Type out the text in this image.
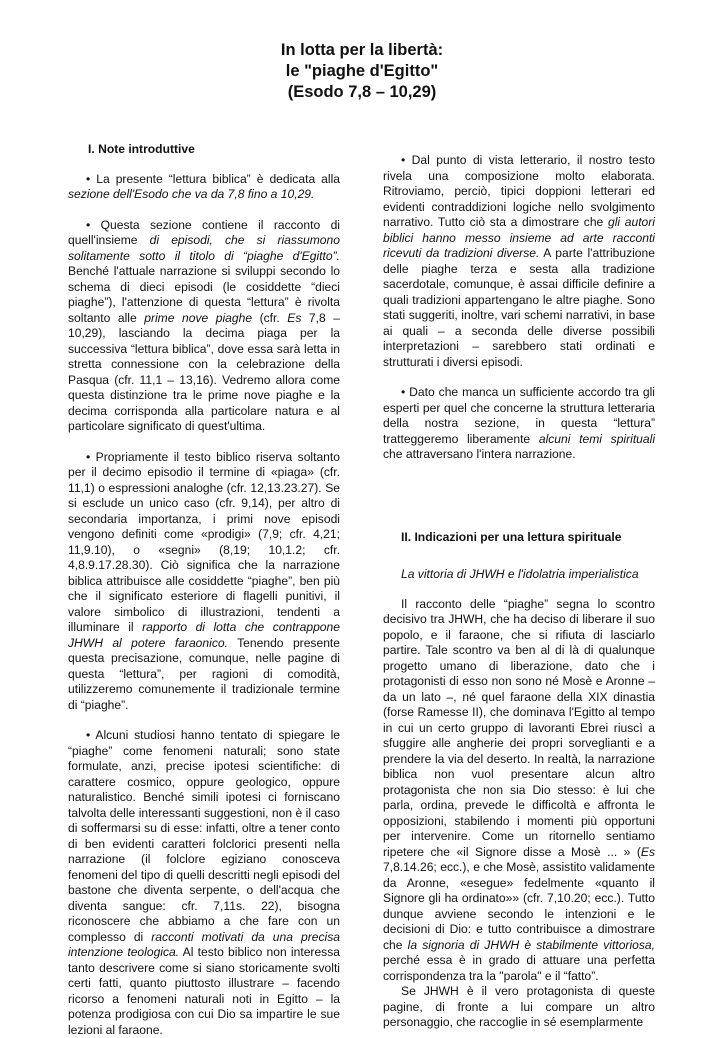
In lotta per la libertà:
le "piaghe d'Egitto"
(Esodo 7,8 – 10,29)
I. Note introduttive

• La presente “lettura biblica” è dedicata alla sezione dell'Esodo che va da 7,8 fino a 10,29.

• Questa sezione contiene il racconto di quell'insieme di episodi, che si riassumono solitamente sotto il titolo di “piaghe d'Egitto”. Benché l'attuale narrazione si sviluppi secondo lo schema di dieci episodi (le cosiddette “dieci piaghe”), l'attenzione di questa “lettura” è rivolta soltanto alle prime nove piaghe (cfr. Es 7,8 – 10,29), lasciando la decima piaga per la successiva “lettura biblica”, dove essa sarà letta in stretta connessione con la celebrazione della Pasqua (cfr. 11,1 – 13,16). Vedremo allora come questa distinzione tra le prime nove piaghe e la decima corrisponda alla particolare natura e al particolare significato di quest'ultima.

• Propriamente il testo biblico riserva soltanto per il decimo episodio il termine di «piaga» (cfr. 11,1) o espressioni analoghe (cfr. 12,13.23.27). Se si esclude un unico caso (cfr. 9,14), per altro di secondaria importanza, i primi nove episodi vengono definiti come «prodigi» (7,9; cfr. 4,21; 11,9.10), o «segni» (8,19; 10,1.2; cfr. 4,8.9.17.28.30). Ciò significa che la narrazione biblica attribuisce alle cosiddette “piaghe”, ben più che il significato esteriore di flagelli punitivi, il valore simbolico di illustrazioni, tendenti a illuminare il rapporto di lotta che contrappone JHWH al potere faraonico. Tenendo presente questa precisazione, comunque, nelle pagine di questa “lettura”, per ragioni di comodità, utilizzeremo comunemente il tradizionale termine di “piaghe”.

• Alcuni studiosi hanno tentato di spiegare le “piaghe” come fenomeni naturali; sono state formulate, anzi, precise ipotesi scientifiche: di carattere cosmico, oppure geologico, oppure naturalistico. Benché simili ipotesi ci forniscano talvolta delle interessanti suggestioni, non è il caso di soffermarsi su di esse: infatti, oltre a tener conto di ben evidenti caratteri folclorici presenti nella narrazione (il folclore egiziano conosceva fenomeni del tipo di quelli descritti negli episodi del bastone che diventa serpente, o dell'acqua che diventa sangue: cfr. 7,11s. 22), bisogna riconoscere che abbiamo a che fare con un complesso di racconti motivati da una precisa intenzione teologica. Al testo biblico non interessa tanto descrivere come si siano storicamente svolti certi fatti, quanto piuttosto illustrare – facendo ricorso a fenomeni naturali noti in Egitto – la potenza prodigiosa con cui Dio sa impartire le sue lezioni al faraone.

• Dal punto di vista letterario, il nostro testo rivela una composizione molto elaborata. Ritroviamo, perciò, tipici doppioni letterari ed evidenti contraddizioni logiche nello svolgimento narrativo. Tutto ciò sta a dimostrare che gli autori biblici hanno messo insieme ad arte racconti ricevuti da tradizioni diverse. A parte l'attribuzione delle piaghe terza e sesta alla tradizione sacerdotale, comunque, è assai difficile definire a quali tradizioni appartengano le altre piaghe. Sono stati suggeriti, inoltre, vari schemi narrativi, in base ai quali – a seconda delle diverse possibili interpretazioni – sarebbero stati ordinati e strutturati i diversi episodi.

• Dato che manca un sufficiente accordo tra gli esperti per quel che concerne la struttura letteraria della nostra sezione, in questa “lettura” tratteggeremo liberamente alcuni temi spirituali che attraversano l'intera narrazione.

II. Indicazioni per una lettura spirituale
La vittoria di JHWH e l'idolatria imperialistica

Il racconto delle “piaghe” segna lo scontro decisivo tra JHWH, che ha deciso di liberare il suo popolo, e il faraone, che si rifiuta di lasciarlo partire. Tale scontro va ben al di là di qualunque progetto umano di liberazione, dato che i protagonisti di esso non sono né Mosè e Aronne – da un lato –, né quel faraone della XIX dinastia (forse Ramesse II), che dominava l'Egitto al tempo in cui un certo gruppo di lavoranti Ebrei riuscì a sfuggire alle angherie dei propri sorveglianti e a prendere la via del deserto. In realtà, la narrazione biblica non vuol presentare alcun altro protagonista che non sia Dio stesso: è lui che parla, ordina, prevede le difficoltà e affronta le opposizioni, stabilendo i momenti più opportuni per intervenire. Come un ritornello sentiamo ripetere che «il Signore disse a Mosè ... » (Es 7,8.14.26; ecc.), e che Mosè, assistito validamente da Aronne, «esegue» fedelmente «quanto il Signore gli ha ordinato»» (cfr. 7,10.20; ecc.). Tutto dunque avviene secondo le intenzioni e le decisioni di Dio: e tutto contribuisce a dimostrare che la signoria di JHWH è stabilmente vittoriosa, perché essa è in grado di attuare una perfetta corrispondenza tra la "parola" e il “fatto”.

Se JHWH è il vero protagonista di queste pagine, di fronte a lui compare un altro personaggio, che raccoglie in sé esemplarmente
